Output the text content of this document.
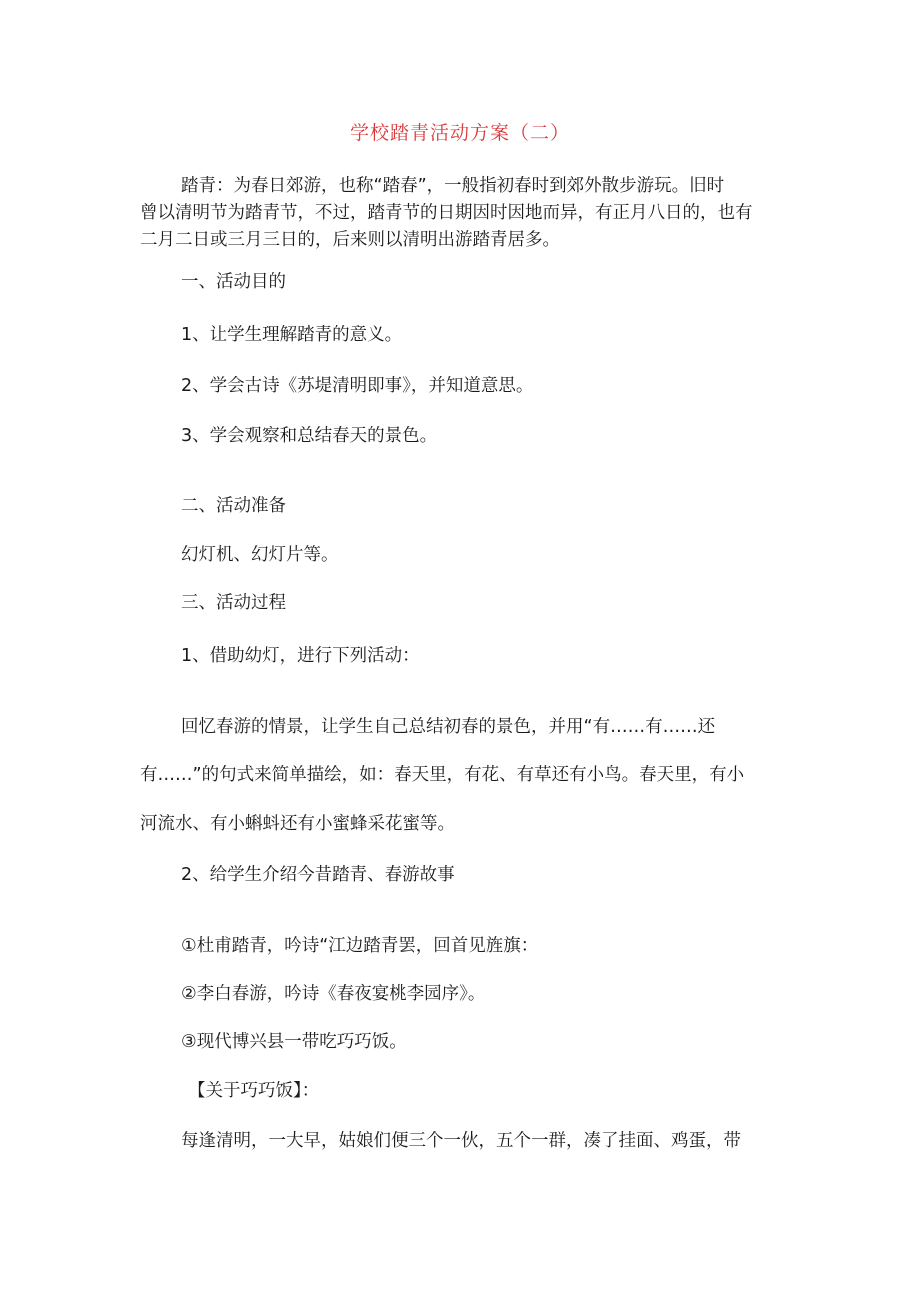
学校踏青活动方案（二）
踏青：为春日郊游，也称“踏春”，一般指初春时到郊外散步游玩。旧时
曾以清明节为踏青节，不过，踏青节的日期因时因地而异，有正月八日的，也有
二月二日或三月三日的，后来则以清明出游踏青居多。
一、活动目的
1、让学生理解踏青的意义。
2、学会古诗《苏堤清明即事》，并知道意思。
3、学会观察和总结春天的景色。
二、活动准备
幻灯机、幻灯片等。
三、活动过程
1、借助幼灯，进行下列活动：
回忆春游的情景，让学生自己总结初春的景色，并用“有……有……还
有……”的句式来简单描绘，如：春天里，有花、有草还有小鸟。春天里，有小
河流水、有小蝌蚪还有小蜜蜂采花蜜等。
2、给学生介绍今昔踏青、春游故事
①杜甫踏青，吟诗“江边踏青罢，回首见旌旗：
②李白春游，吟诗《春夜宴桃李园序》。
③现代博兴县一带吃巧巧饭。
【关于巧巧饭】：
每逢清明，一大早，姑娘们便三个一伙，五个一群，凑了挂面、鸡蛋，带
